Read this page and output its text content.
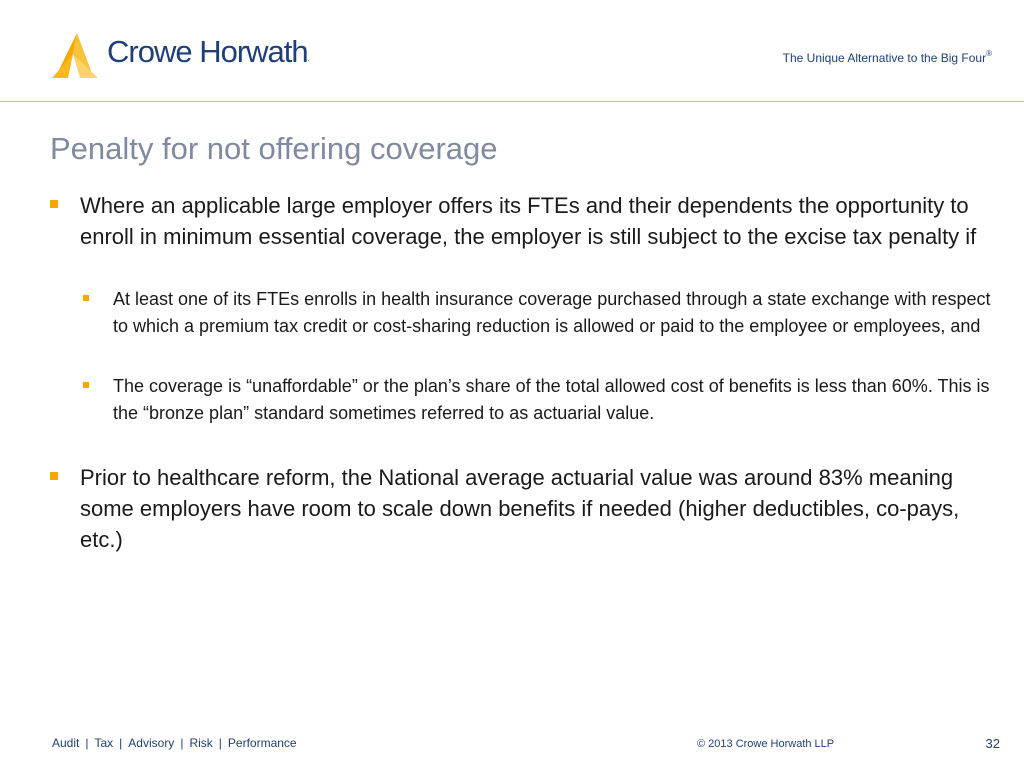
Crowe Horwath.	The Unique Alternative to the Big Four®
Penalty for not offering coverage
Where an applicable large employer offers its FTEs and their dependents the opportunity to enroll in minimum essential coverage, the employer is still subject to the excise tax penalty if
At least one of its FTEs enrolls in health insurance coverage purchased through a state exchange with respect to which a premium tax credit or cost-sharing reduction is allowed or paid to the employee or employees, and
The coverage is “unaffordable” or the plan’s share of the total allowed cost of benefits is less than 60%. This is the “bronze plan” standard sometimes referred to as actuarial value.
Prior to healthcare reform, the National average actuarial value was around 83% meaning some employers have room to scale down benefits if needed (higher deductibles, co-pays, etc.)
Audit | Tax | Advisory | Risk | Performance	© 2013 Crowe Horwath LLP	32
